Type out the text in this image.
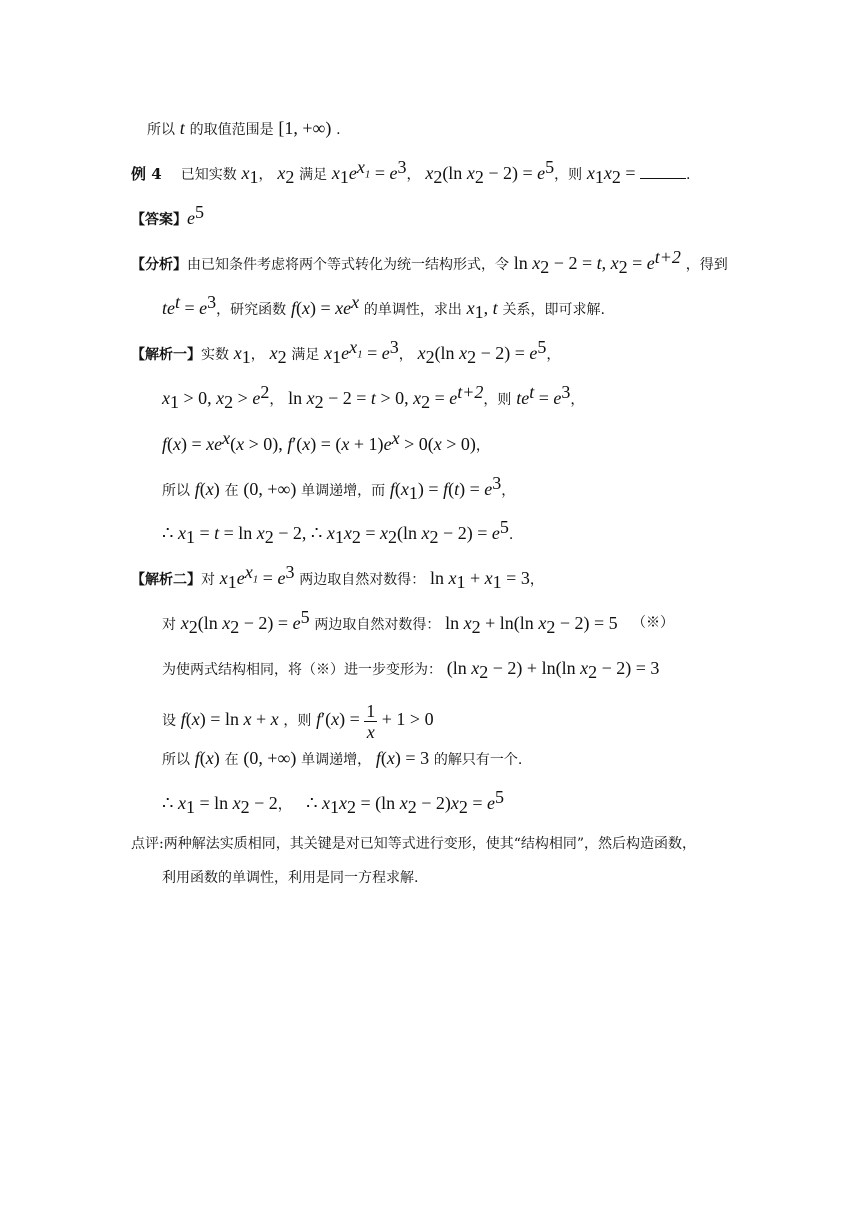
所以 t 的取值范围是 [1, +∞) .
例 4 已知实数 $x_1$， $x_2$ 满足 $x_1e^{x_1} = e^3$， $x_2(\ln$ $x_2 - 2) = e^5$，则 $x_1x_2$ =	.
【答案】$e^5$
【分析】由已知条件考虑将两个等式转化为统一结构形式，令 $\ln x_2 - 2 = t$, $x_2 = e^{t+2}$ ，得到
$te^t = e^3$，研究函数 $f(x) = xe^x$ 的单调性，求出 $x_1$, t 关系，即可求解.
【解析一】实数 $x_1$， $x_2$ 满足 $x_1e^{x_1} = e^3$， $x_2(\ln$ $x_2 - 2) = e^5$，
$x_1 > 0$, $x_2 > e^2$， $\ln x_2 - 2 = t > 0$, $x_2 = e^{t+2}$，则 $te^t = e^3$，
$f(x) = xe^x(x > 0)$, $f'(x) = (x + 1)e^x > 0(x > 0)$，
所以 f(x) 在 (0, +∞) 单调递增，而 $f(x_1) = f(t) = e^3$，
∴ $x_1 = t = \ln x_2 - 2$, ∴ $x_1x_2 = x_2(\ln$ $x_2 - 2) = e^5$.
【解析二】对 $x_1e^{x_1} = e^3$ 两边取自然对数得： $\ln x_1 + x_1 = 3$，
对 $x_2(\ln$ $x_2 - 2) = e^5$ 两边取自然对数得： $\ln x_2 + \ln(\ln$ $x_2 - 2) = 5$ （※）
为使两式结构相同，将（※）进一步变形为： (ln $x_2 - 2) + \ln(\ln$ $x_2 - 2) = 3$
设 f(x) = ln x + x ，则 $f'(x) = \frac{1}{x} + 1 > 0$
所以 f(x) 在 (0, +∞) 单调递增， f(x) = 3 的解只有一个.
∴ $x_1 = \ln x_2 - 2$， ∴ $x_1x_2 = (\ln$ $x_2 - 2)x_2 = e^5$
点评:两种解法实质相同，其关键是对已知等式进行变形，使其“结构相同”，然后构造函数，
利用函数的单调性，利用是同一方程求解.
